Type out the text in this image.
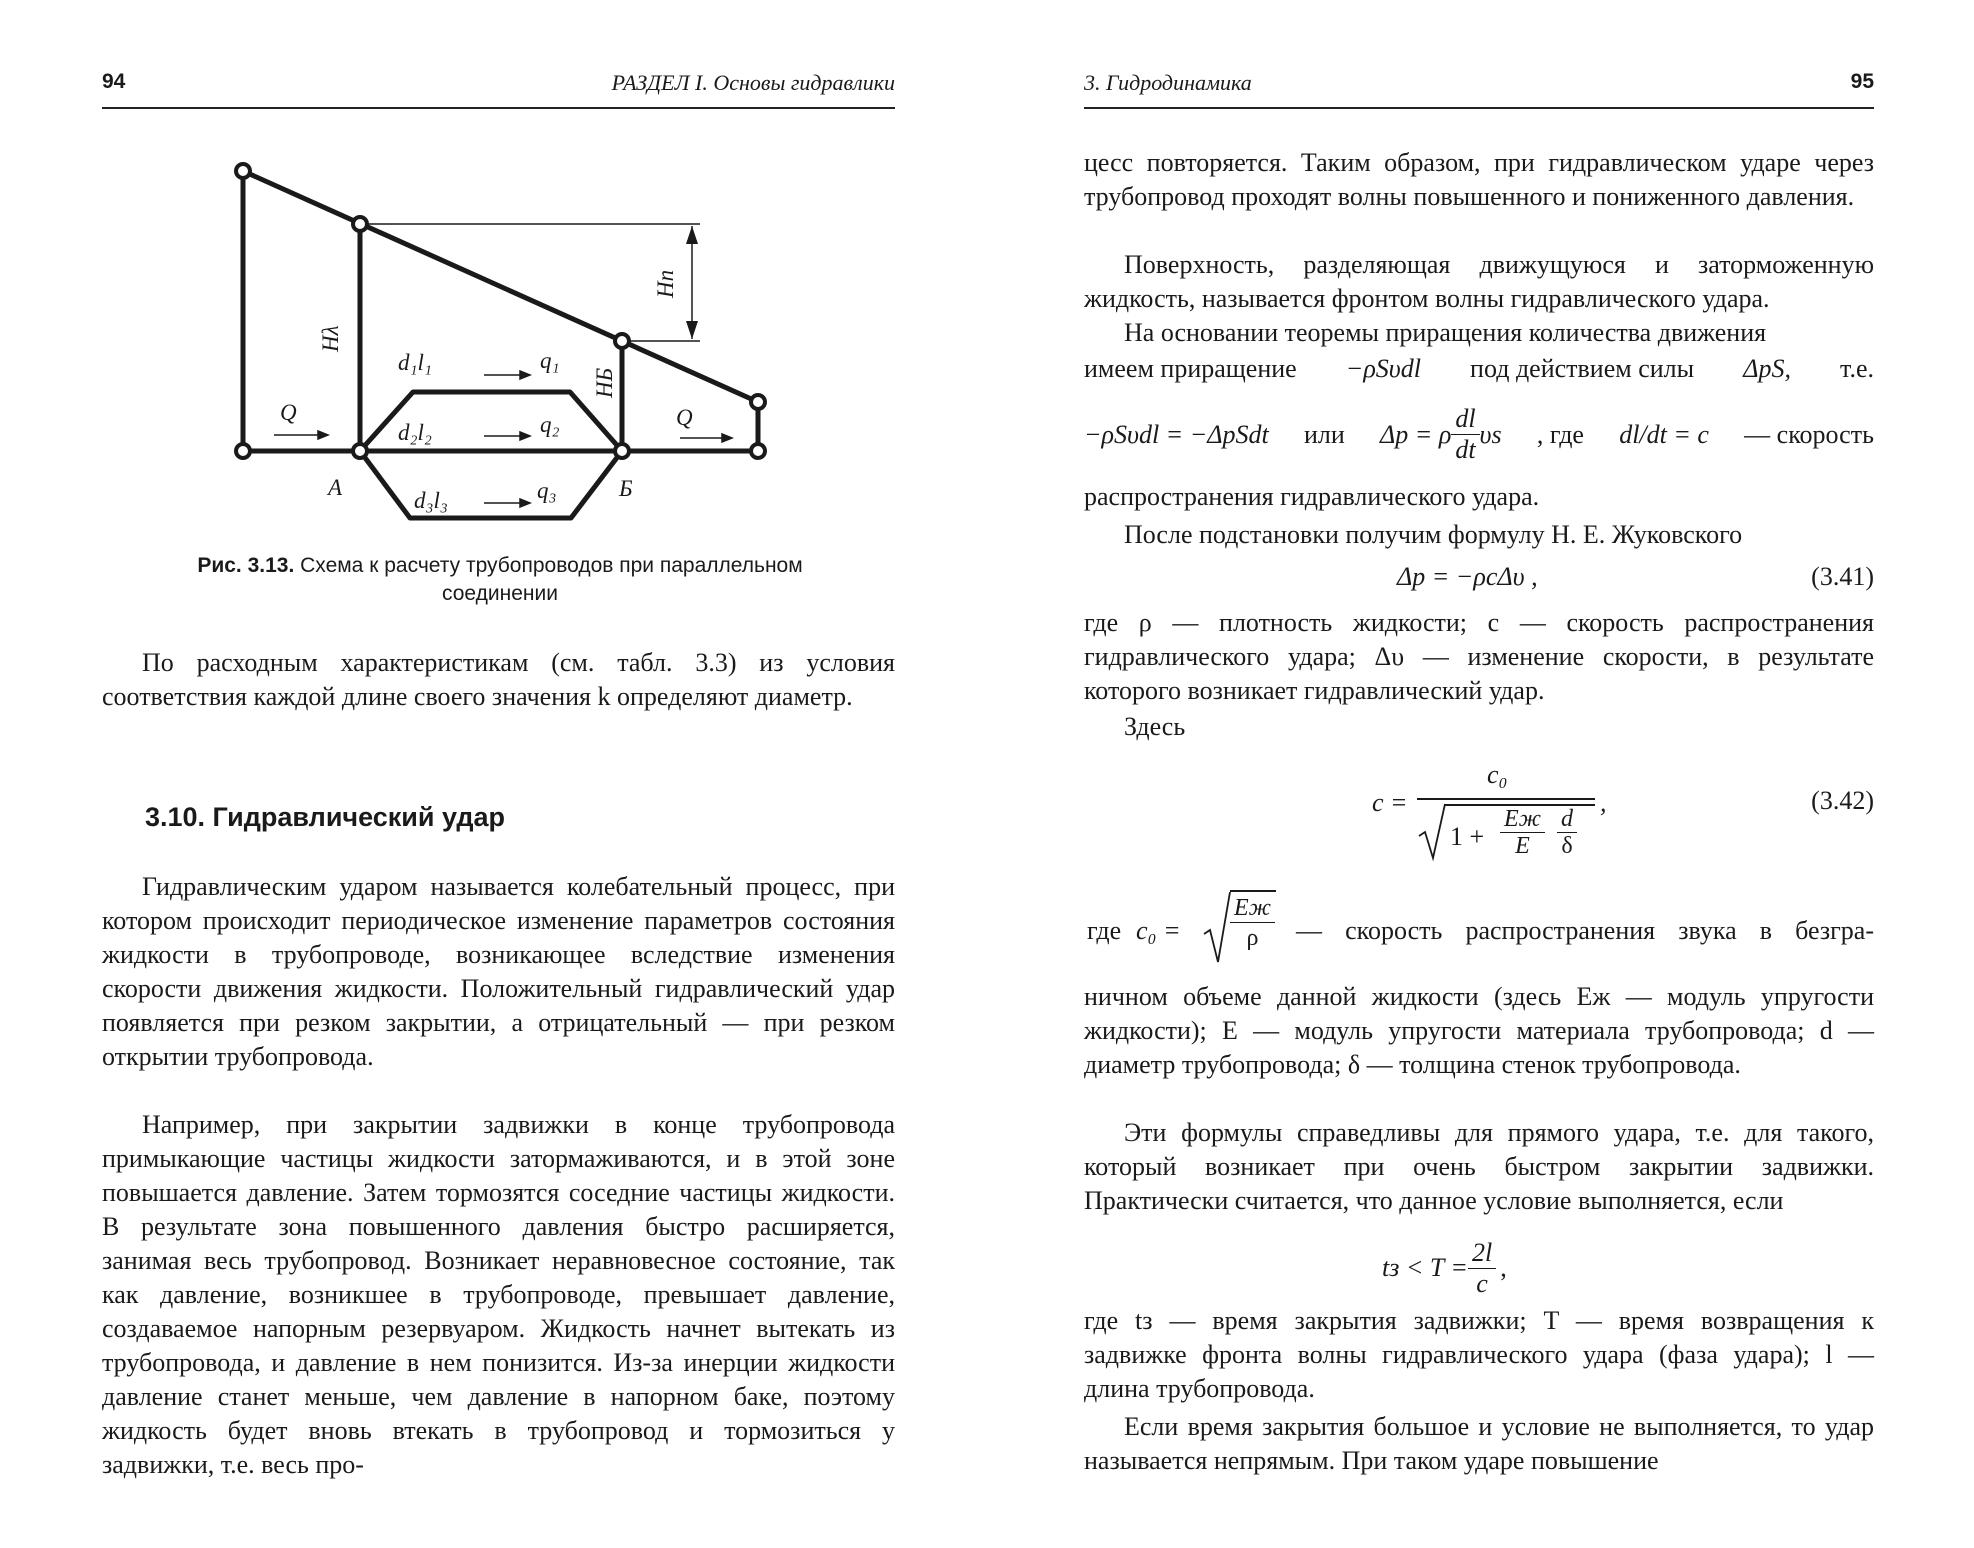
94	РАЗДЕЛ I. Основы гидравлики
Hλ
Hп
HБ
Q	Q
А	Б
d₁l₁
d₂l₂
d₃l₃
q₁
q₂
q₃
Рис. 3.13. Схема к расчету трубопроводов при параллельном соединении

По расходным характеристикам (см. табл. 3.3) из условия соответствия каждой длине своего значения k определяют диаметр.

3.10. Гидравлический удар

Гидравлическим ударом называется колебательный процесс, при котором происходит периодическое изменение параметров состояния жидкости в трубопроводе, возникающее вследствие изменения скорости движения жидкости. Положительный гидравлический удар появляется при резком закрытии, а отрицательный — при резком открытии трубопровода.

Например, при закрытии задвижки в конце трубопровода примыкающие частицы жидкости затормаживаются, и в этой зоне повышается давление. Затем тормозятся соседние частицы жидкости. В результате зона повышенного давления быстро расширяется, занимая весь трубопровод. Возникает неравновесное состояние, так как давление, возникшее в трубопроводе, превышает давление, создаваемое напорным резервуаром. Жидкость начнет вытекать из трубопровода, и давление в нем понизится. Из-за инерции жидкости давление станет меньше, чем давление в напорном баке, поэтому жидкость будет вновь втекать в трубопровод и тормозиться у задвижки, т.е. весь про-

3. Гидродинамика	95

цесс повторяется. Таким образом, при гидравлическом ударе через трубопровод проходят волны повышенного и пониженного давления.

Поверхность, разделяющая движущуюся и заторможенную жидкость, называется фронтом волны гидравлического удара.

На основании теоремы приращения количества движения
имеем приращение −ρSυdl под действием силы ΔpS, т.е.
−ρSυdl = −ΔpSdt или Δp = ρ $\frac{dl}{dt}$ υs , где dl/dt = c — скорость
распространения гидравлического удара.
После подстановки получим формулу Н. Е. Жуковского
Δp = −ρcΔυ ,	(3.41)

где ρ — плотность жидкости; c — скорость распространения гидравлического удара; Δυ — изменение скорости, в результате которого возникает гидравлический удар.

Здесь
c =
c₀
1 +
Eж
E $\frac{d}{\delta}$
,	(3.42)
где c₀ =
Eж
ρ — скорость распространения звука в безгра-

ничном объеме данной жидкости (здесь Eж — модуль упругости жидкости); E — модуль упругости материала трубопровода; d — диаметр трубопровода; δ — толщина стенок трубопровода.

Эти формулы справедливы для прямого удара, т.е. для такого, который возникает при очень быстром закрытии задвижки. Практически считается, что данное условие выполняется, если

tз < $T = \frac{2l}{c}$ ,

где tз — время закрытия задвижки; T — время возвращения к задвижке фронта волны гидравлического удара (фаза удара); l — длина трубопровода.

Если время закрытия большое и условие не выполняется, то удар называется непрямым. При таком ударе повышение
